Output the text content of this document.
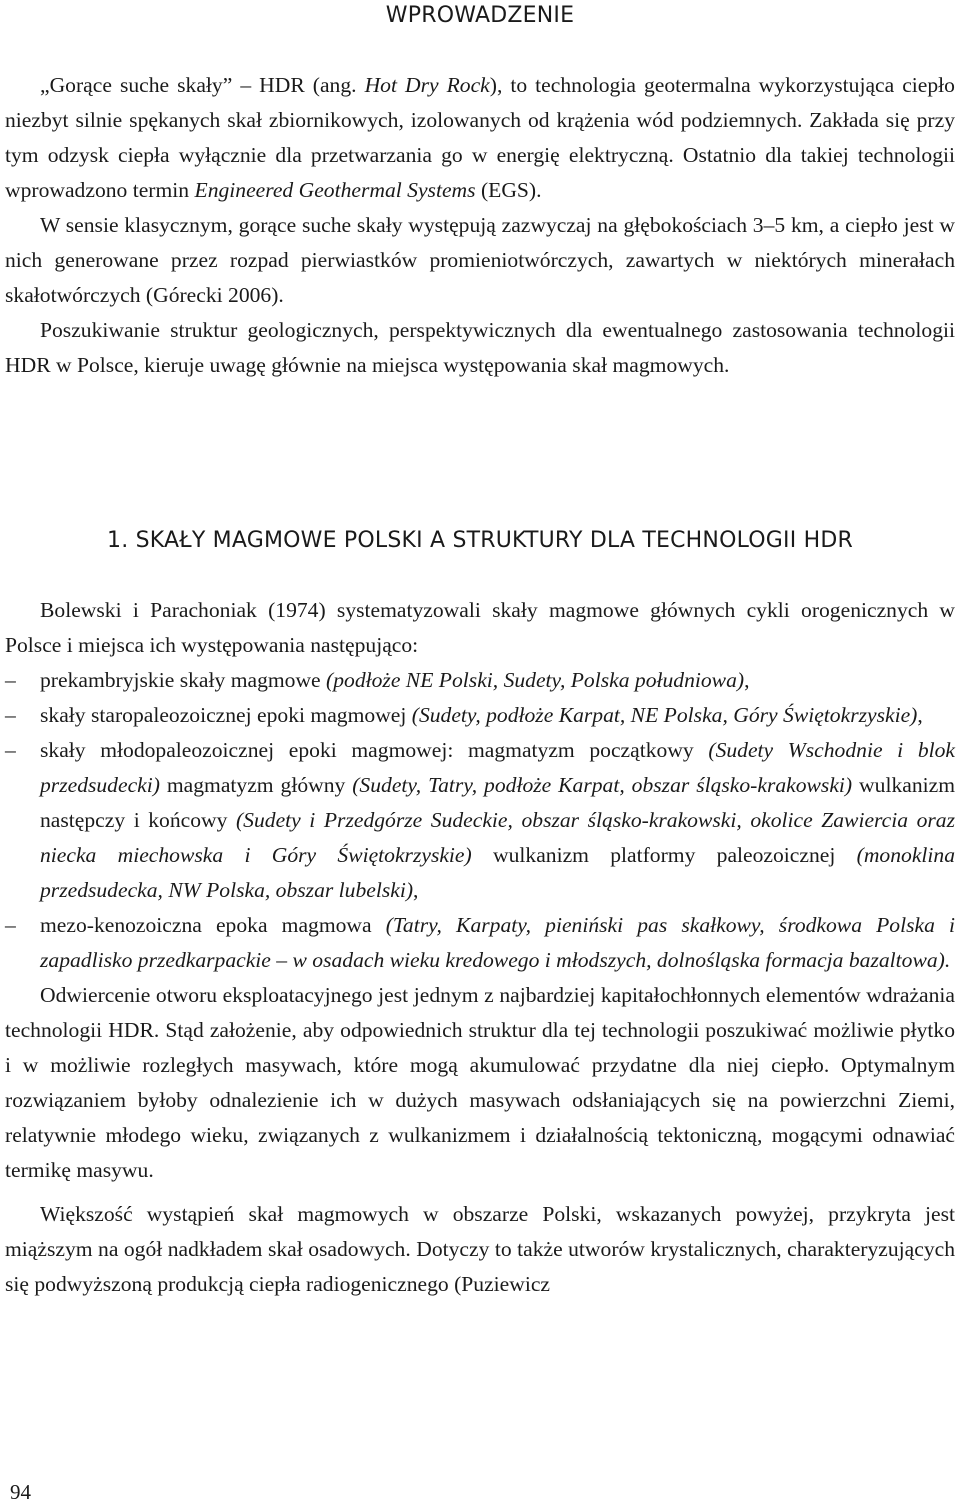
WPROWADZENIE

„Gorące suche skały” – HDR (ang. Hot Dry Rock), to technologia geotermalna wykorzystująca ciepło niezbyt silnie spękanych skał zbiornikowych, izolowanych od krążenia wód podziemnych. Zakłada się przy tym odzysk ciepła wyłącznie dla przetwarzania go w energię elektryczną. Ostatnio dla takiej technologii wprowadzono termin Engineered Geothermal Systems (EGS).

W sensie klasycznym, gorące suche skały występują zazwyczaj na głębokościach 3–5 km, a ciepło jest w nich generowane przez rozpad pierwiastków promieniotwórczych, zawartych w niektórych minerałach skałotwórczych (Górecki 2006).

Poszukiwanie struktur geologicznych, perspektywicznych dla ewentualnego zastosowania technologii HDR w Polsce, kieruje uwagę głównie na miejsca występowania skał magmowych.

1. SKAŁY MAGMOWE POLSKI A STRUKTURY DLA TECHNOLOGII HDR

Bolewski i Parachoniak (1974) systematyzowali skały magmowe głównych cykli orogenicznych w Polsce i miejsca ich występowania następująco:

– prekambryjskie skały magmowe (podłoże NE Polski, Sudety, Polska południowa),
– skały staropaleozoicznej epoki magmowej (Sudety, podłoże Karpat, NE Polska, Góry Świętokrzyskie),
– skały młodopaleozoicznej epoki magmowej: magmatyzm początkowy (Sudety Wschodnie i blok przedsudecki) magmatyzm główny (Sudety, Tatry, podłoże Karpat, obszar śląsko-krakowski) wulkanizm następczy i końcowy (Sudety i Przedgórze Sudeckie, obszar śląsko-krakowski, okolice Zawiercia oraz niecka miechowska i Góry Świętokrzyskie) wulkanizm platformy paleozoicznej (monoklina przedsudecka, NW Polska, obszar lubelski),
– mezo-kenozoiczna epoka magmowa (Tatry, Karpaty, pieniński pas skałkowy, środkowa Polska i zapadlisko przedkarpackie – w osadach wieku kredowego i młodszych, dolnośląska formacja bazaltowa).

Odwiercenie otworu eksploatacyjnego jest jednym z najbardziej kapitałochłonnych elementów wdrażania technologii HDR. Stąd założenie, aby odpowiednich struktur dla tej technologii poszukiwać możliwie płytko i w możliwie rozległych masywach, które mogą akumulować przydatne dla niej ciepło. Optymalnym rozwiązaniem byłoby odnalezienie ich w dużych masywach odsłaniających się na powierzchni Ziemi, relatywnie młodego wieku, związanych z wulkanizmem i działalnością tektoniczną, mogącymi odnawiać termikę masywu.

Większość wystąpień skał magmowych w obszarze Polski, wskazanych powyżej, przykryta jest miąższym na ogół nadkładem skał osadowych. Dotyczy to także utworów krystalicznych, charakteryzujących się podwyższoną produkcją ciepła radiogenicznego (Puziewicz

94
